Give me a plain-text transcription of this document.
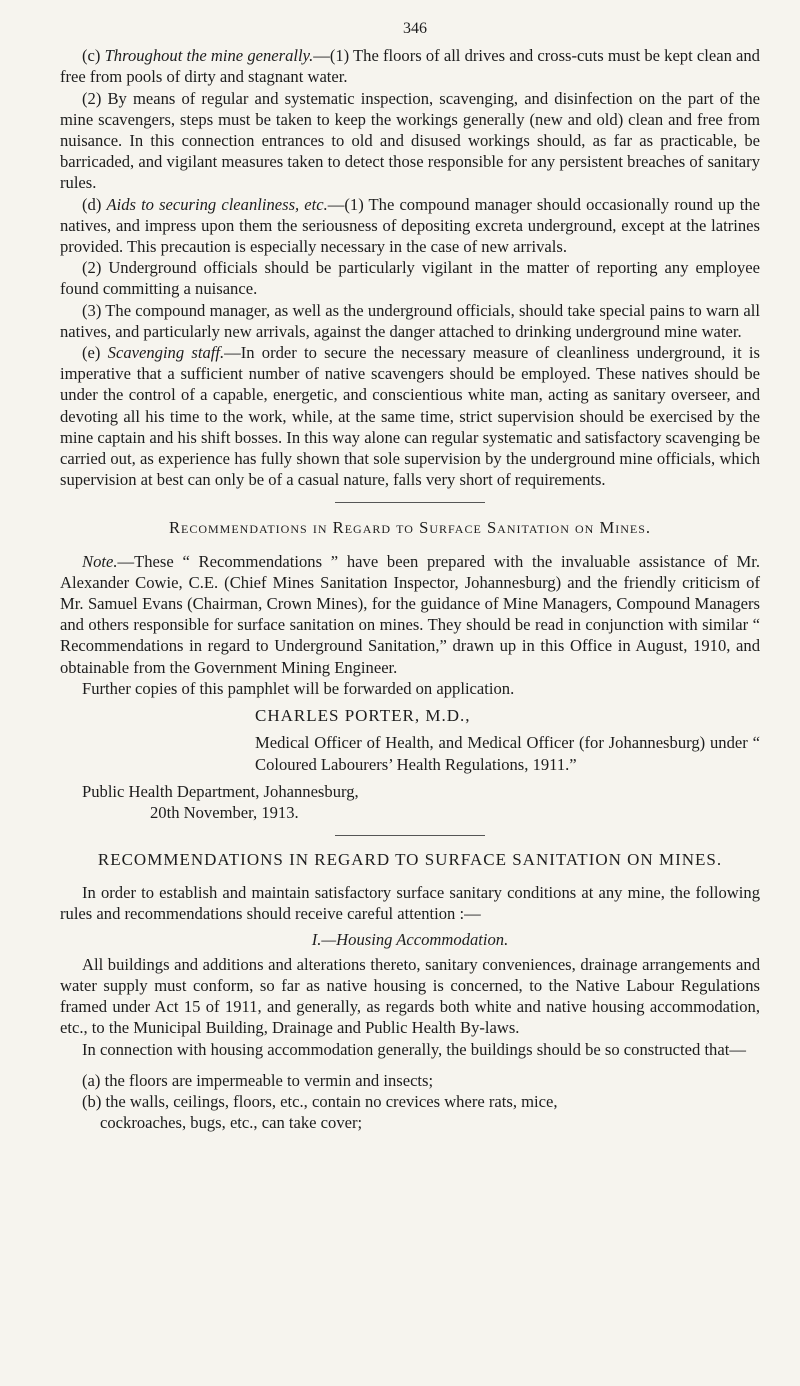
346

(c) Throughout the mine generally.—(1) The floors of all drives and cross-cuts must be kept clean and free from pools of dirty and stagnant water.

(2) By means of regular and systematic inspection, scavenging, and disinfection on the part of the mine scavengers, steps must be taken to keep the workings generally (new and old) clean and free from nuisance. In this connection entrances to old and disused workings should, as far as practicable, be barricaded, and vigilant measures taken to detect those responsible for any persistent breaches of sanitary rules.

(d) Aids to securing cleanliness, etc.—(1) The compound manager should occasionally round up the natives, and impress upon them the seriousness of depositing excreta underground, except at the latrines provided. This precaution is especially necessary in the case of new arrivals.

(2) Underground officials should be particularly vigilant in the matter of reporting any employee found committing a nuisance.

(3) The compound manager, as well as the underground officials, should take special pains to warn all natives, and particularly new arrivals, against the danger attached to drinking underground mine water.

(e) Scavenging staff.—In order to secure the necessary measure of cleanliness underground, it is imperative that a sufficient number of native scavengers should be employed. These natives should be under the control of a capable, energetic, and conscientious white man, acting as sanitary overseer, and devoting all his time to the work, while, at the same time, strict supervision should be exercised by the mine captain and his shift bosses. In this way alone can regular systematic and satisfactory scavenging be carried out, as experience has fully shown that sole supervision by the underground mine officials, which supervision at best can only be of a casual nature, falls very short of requirements.

Recommendations in Regard to Surface Sanitation on Mines.

Note.—These “ Recommendations ” have been prepared with the invaluable assistance of Mr. Alexander Cowie, C.E. (Chief Mines Sanitation Inspector, Johannesburg) and the friendly criticism of Mr. Samuel Evans (Chairman, Crown Mines), for the guidance of Mine Managers, Compound Managers and others responsible for surface sanitation on mines. They should be read in conjunction with similar “ Recommendations in regard to Underground Sanitation,” drawn up in this Office in August, 1910, and obtainable from the Government Mining Engineer.

Further copies of this pamphlet will be forwarded on application.

CHARLES PORTER, M.D.,

Medical Officer of Health, and Medical Officer (for Johannesburg) under “ Coloured Labourers’ Health Regulations, 1911.”

Public Health Department, Johannesburg,

20th November, 1913.

RECOMMENDATIONS IN REGARD TO SURFACE SANITATION ON MINES.

In order to establish and maintain satisfactory surface sanitary conditions at any mine, the following rules and recommendations should receive careful attention :—

I.—Housing Accommodation.

All buildings and additions and alterations thereto, sanitary conveniences, drainage arrangements and water supply must conform, so far as native housing is concerned, to the Native Labour Regulations framed under Act 15 of 1911, and generally, as regards both white and native housing accommodation, etc., to the Municipal Building, Drainage and Public Health By-laws.

In connection with housing accommodation generally, the buildings should be so constructed that—

(a) the floors are impermeable to vermin and insects;

(b) the walls, ceilings, floors, etc., contain no crevices where rats, mice,
cockroaches, bugs, etc., can take cover;
